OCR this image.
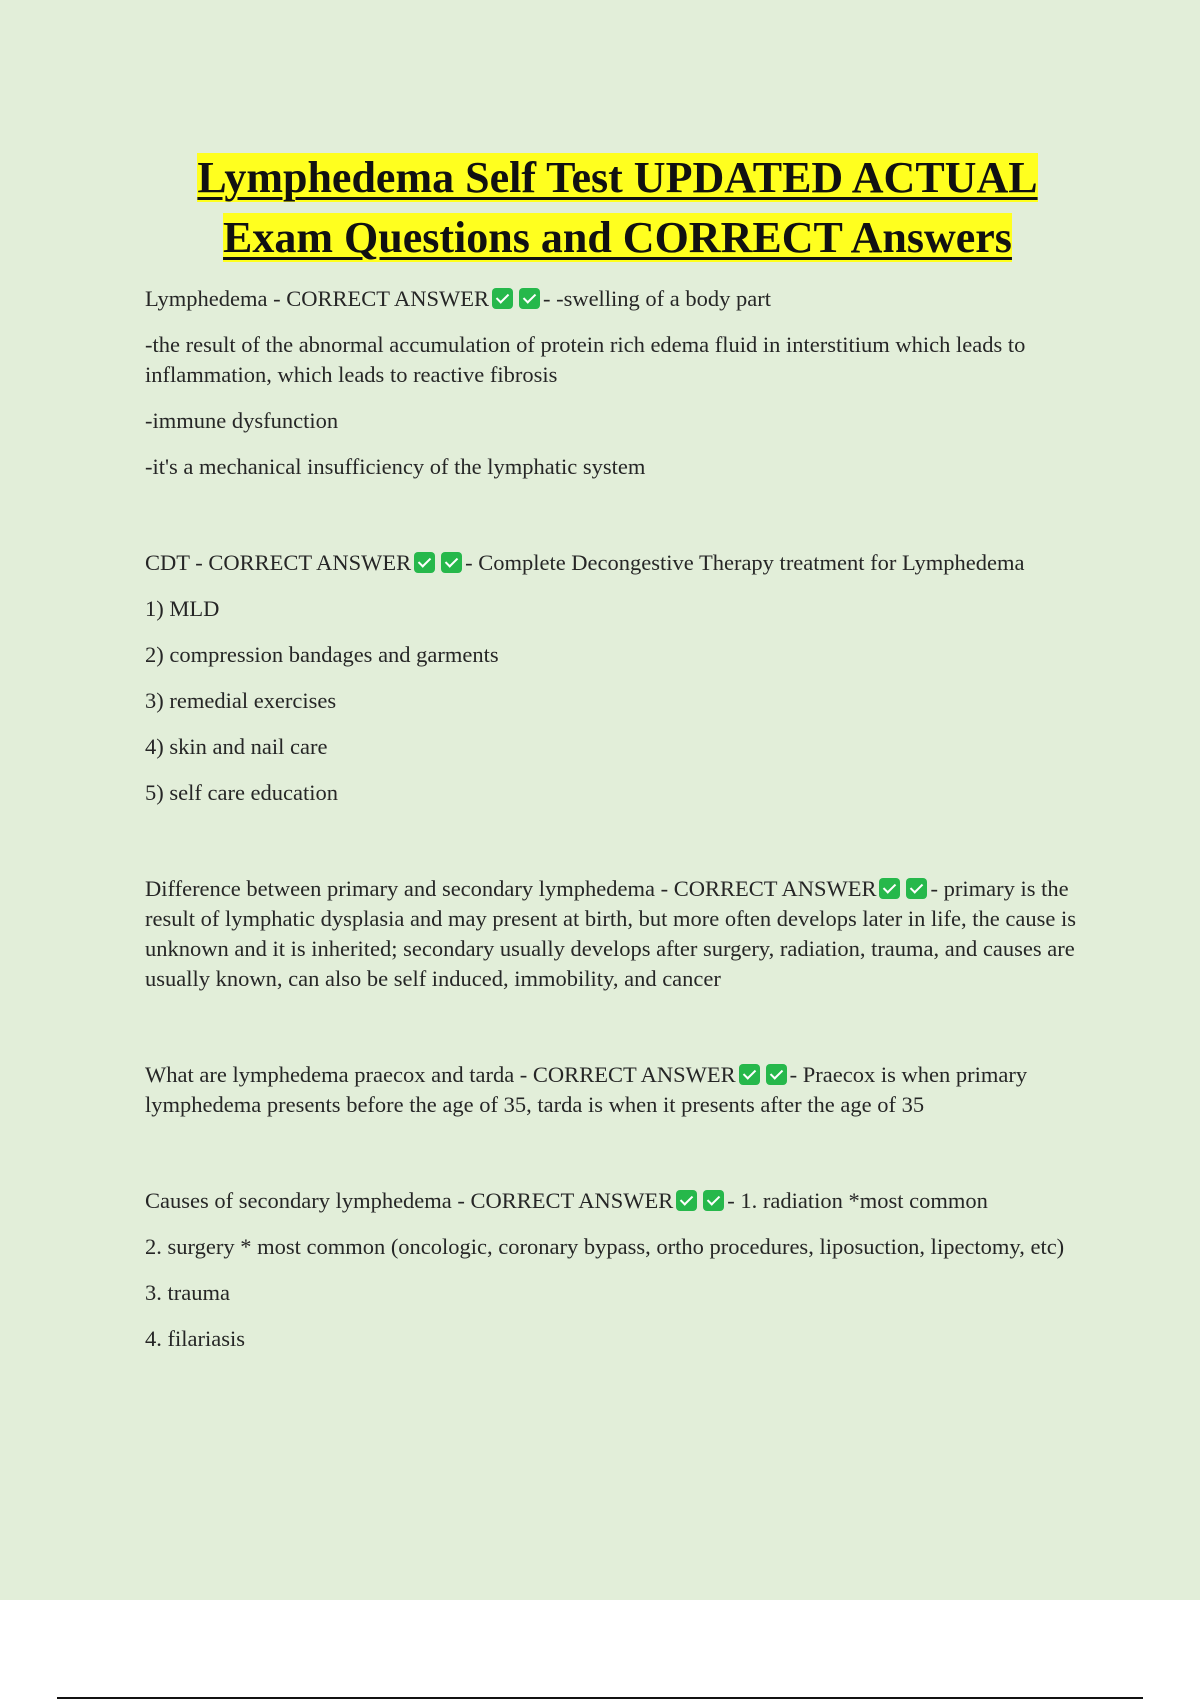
Lymphedema Self Test UPDATED ACTUAL
Exam Questions and CORRECT Answers

Lymphedema - CORRECT ANSWER - -swelling of a body part

-the result of the abnormal accumulation of protein rich edema fluid in interstitium which leads to inflammation, which leads to reactive fibrosis

-immune dysfunction

-it's a mechanical insufficiency of the lymphatic system

CDT - CORRECT ANSWER - Complete Decongestive Therapy treatment for Lymphedema

1) MLD

2) compression bandages and garments

3) remedial exercises

4) skin and nail care

5) self care education

Difference between primary and secondary lymphedema - CORRECT ANSWER - primary is the result of lymphatic dysplasia and may present at birth, but more often develops later in life, the cause is unknown and it is inherited; secondary usually develops after surgery, radiation, trauma, and causes are usually known, can also be self induced, immobility, and cancer

What are lymphedema praecox and tarda - CORRECT ANSWER - Praecox is when primary lymphedema presents before the age of 35, tarda is when it presents after the age of 35

Causes of secondary lymphedema - CORRECT ANSWER - 1. radiation *most common

2. surgery * most common (oncologic, coronary bypass, ortho procedures, liposuction, lipectomy, etc)

3. trauma

4. filariasis
